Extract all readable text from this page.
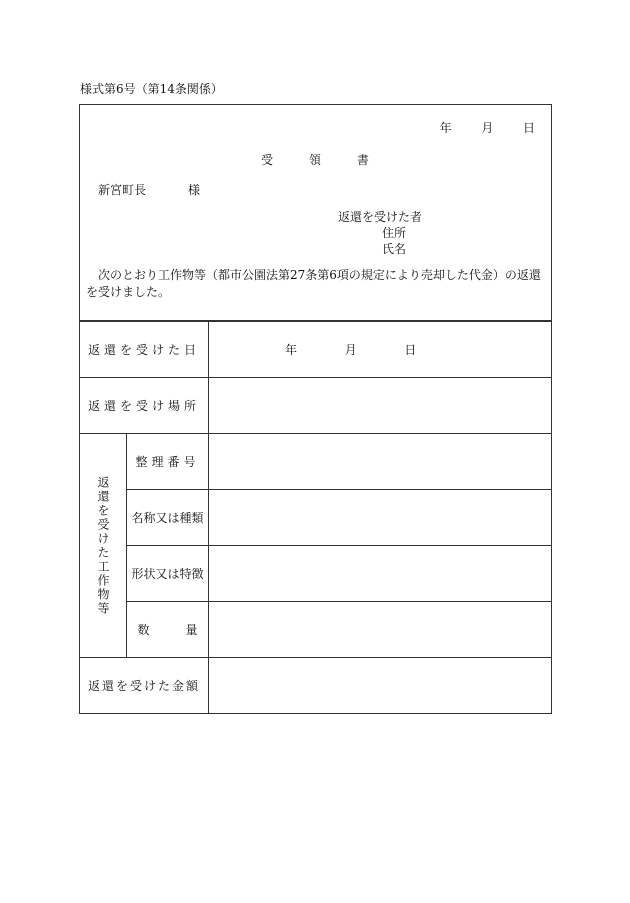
様式第6号（第14条関係）
年 月 日
受	領	書
新宮町長	様
返還を受けた者
住所
氏名
次のとおり工作物等（都市公園法第27条第6項の規定により売却した代金）の返還を受けました。
返還を受けた日		年 月 日
返還を受け場所		

返還を受けた工作物等	整理番号	
	名称又は種類	
	形状又は特徴	
	数　　　量	
返還を受けた金額		
